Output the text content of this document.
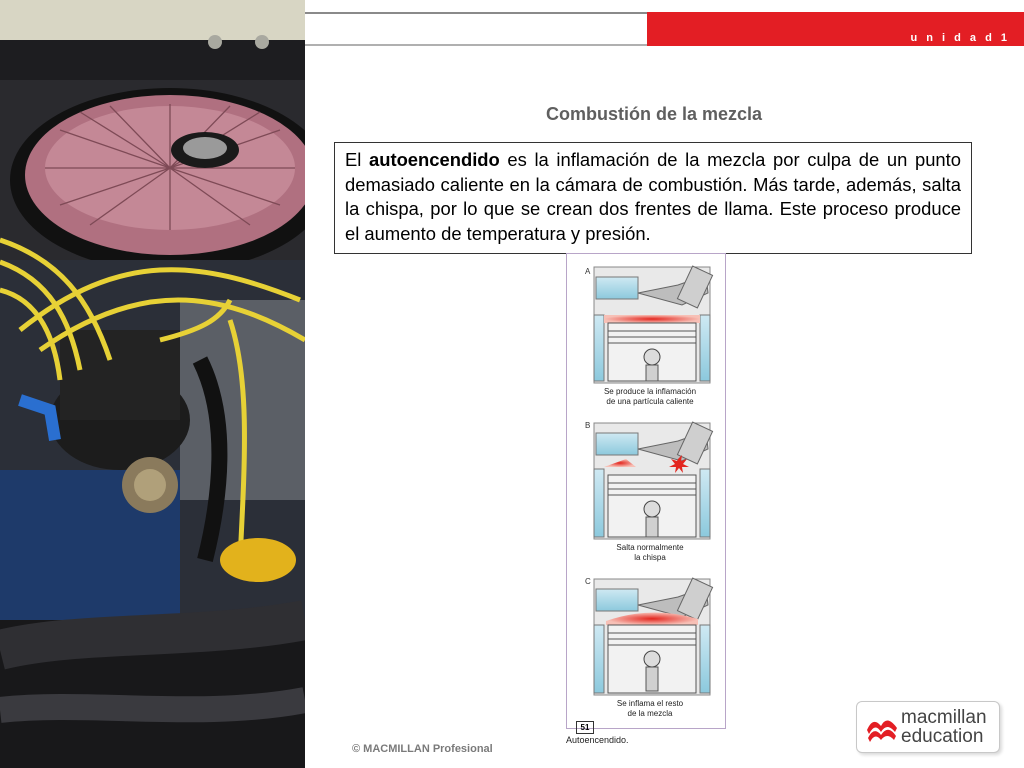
u n i d a d 1
Combustión de la mezcla
El autoencendido es la inflamación de la mezcla por culpa de un punto demasiado caliente en la cámara de combustión. Más tarde, además, salta la chispa, por lo que se crean dos frentes de llama. Este proceso produce el aumento de temperatura y presión.
A
Se produce la inflamación
de una partícula caliente
B
Salta normalmente
la chispa
C
Se inflama el resto
de la mezcla
51
Autoencendido.
© MACMILLAN Profesional
macmillan
education
